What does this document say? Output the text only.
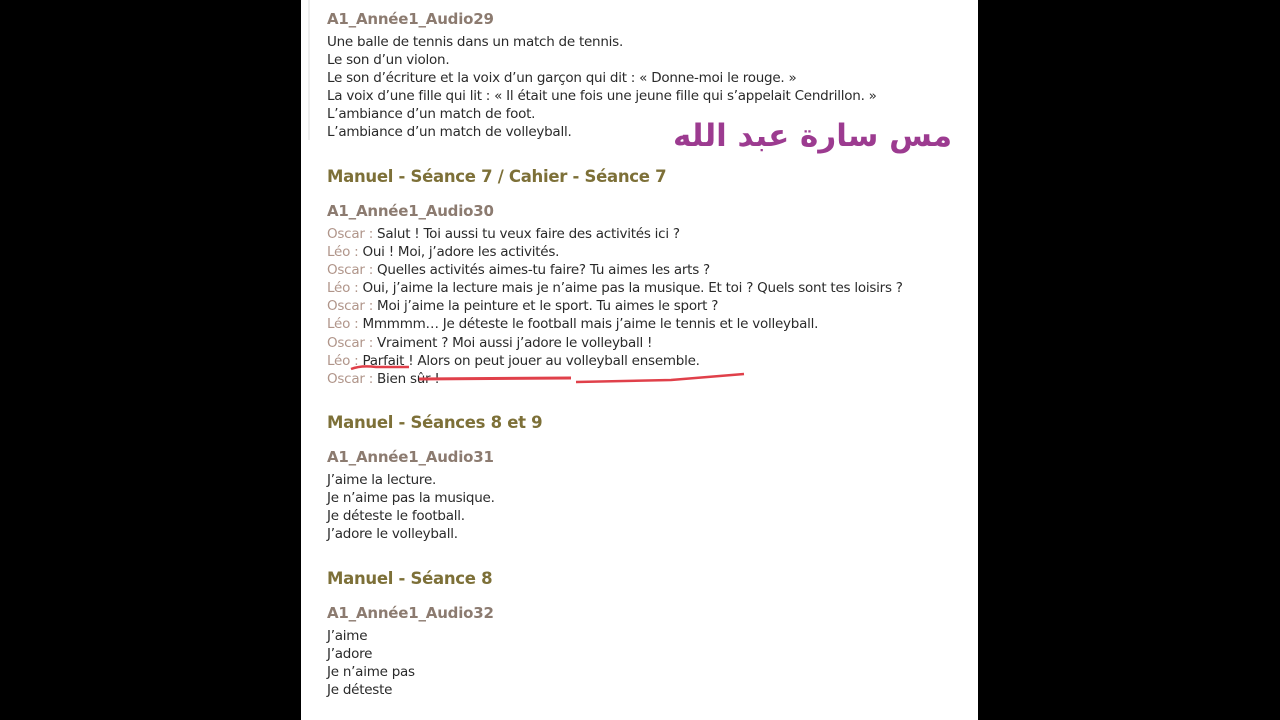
A1_Année1_Audio29
Une balle de tennis dans un match de tennis.
Le son d’un violon.
Le son d’écriture et la voix d’un garçon qui dit : « Donne-moi le rouge. »
La voix d’une fille qui lit : « Il était une fois une jeune fille qui s’appelait Cendrillon. »
L’ambiance d’un match de foot.
L’ambiance d’un match de volleyball.	مس سارة عبد الله
Manuel - Séance 7 / Cahier - Séance 7
A1_Année1_Audio30
Oscar : Salut ! Toi aussi tu veux faire des activités ici ?
Léo : Oui ! Moi, j’adore les activités.
Oscar : Quelles activités aimes-tu faire? Tu aimes les arts ?
Léo : Oui, j’aime la lecture mais je n’aime pas la musique. Et toi ? Quels sont tes loisirs ?
Oscar : Moi j’aime la peinture et le sport. Tu aimes le sport ?
Léo : Mmmmm… Je déteste le football mais j’aime le tennis et le volleyball.
Oscar : Vraiment ? Moi aussi j’adore le volleyball !
Léo : Parfait ! Alors on peut jouer au volleyball ensemble.
Oscar : Bien sûr !
Manuel - Séances 8 et 9
A1_Année1_Audio31
J’aime la lecture.
Je n’aime pas la musique.
Je déteste le football.
J’adore le volleyball.
Manuel - Séance 8
A1_Année1_Audio32
J’aime
J’adore
Je n’aime pas
Je déteste
